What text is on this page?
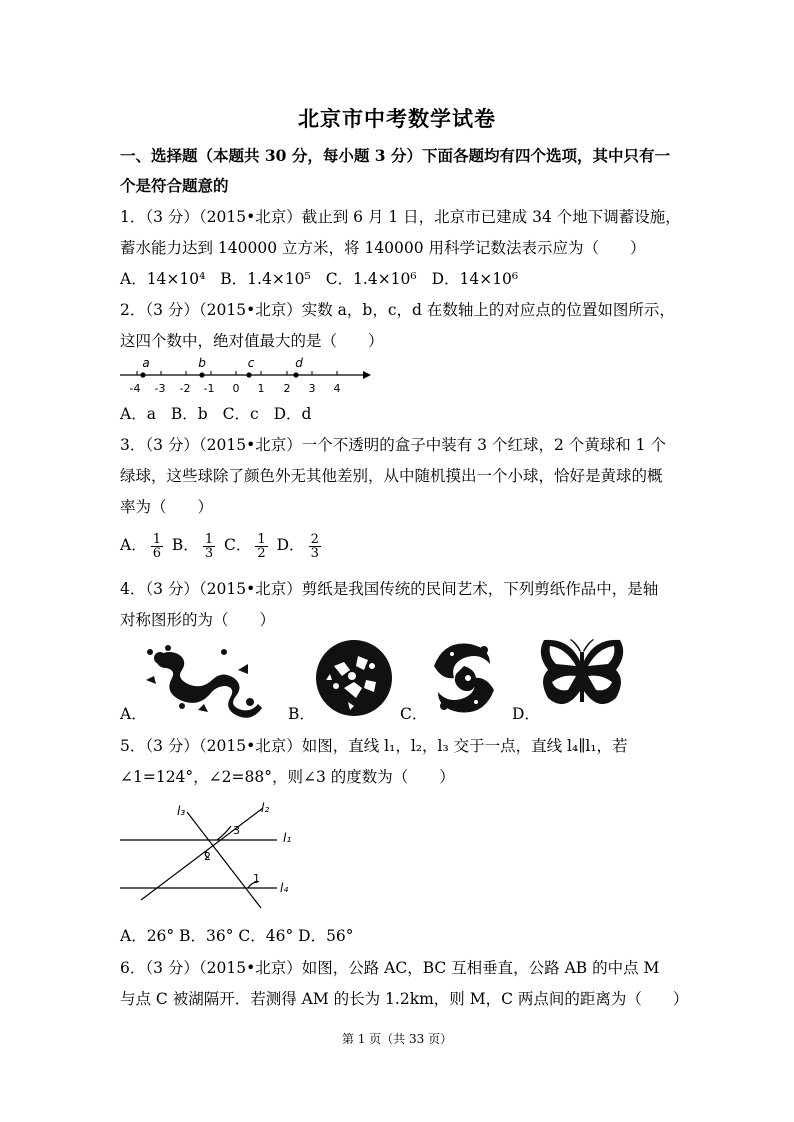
北京市中考数学试卷
一、选择题（本题共 30 分，每小题 3 分）下面各题均有四个选项，其中只有一
个是符合题意的
1．（3 分）（2015•北京）截止到 6 月 1 日，北京市已建成 34 个地下调蓄设施，
蓄水能力达到 140000 立方米，将 140000 用科学记数法表示应为（　　）
A．14×10⁴ B．1.4×10⁵ C．1.4×10⁶ D．14×10⁶
2．（3 分）（2015•北京）实数 a，b，c，d 在数轴上的对应点的位置如图所示，
这四个数中，绝对值最大的是（　　）
-4 -3 -2 -1 0 1 2 3 4
a	b	c	d
A．a B．b C．c D．d
3．（3 分）（2015•北京）一个不透明的盒子中装有 3 个红球，2 个黄球和 1 个
绿球，这些球除了颜色外无其他差别，从中随机摸出一个小球，恰好是黄球的概
率为（　　）
A． $\frac{1}{6}$ B． $\frac{1}{3}$ C． $\frac{1}{2}$ D． $\frac{2}{3}$
4．（3 分）（2015•北京）剪纸是我国传统的民间艺术，下列剪纸作品中，是轴
对称图形的为（　　）
A．	B．	C．	D．
5．（3 分）（2015•北京）如图，直线 l₁，l₂，l₃ 交于一点，直线 l₄∥l₁，若
∠1=124°，∠2=88°，则∠3 的度数为（　　）
l₃	l₂
l₁
l₄
3
2
1
A．26° B．36° C．46° D．56°
6．（3 分）（2015•北京）如图，公路 AC，BC 互相垂直，公路 AB 的中点 M
与点 C 被湖隔开．若测得 AM 的长为 1.2km，则 M，C 两点间的距离为（　　）
第 1 页（共 33 页）
